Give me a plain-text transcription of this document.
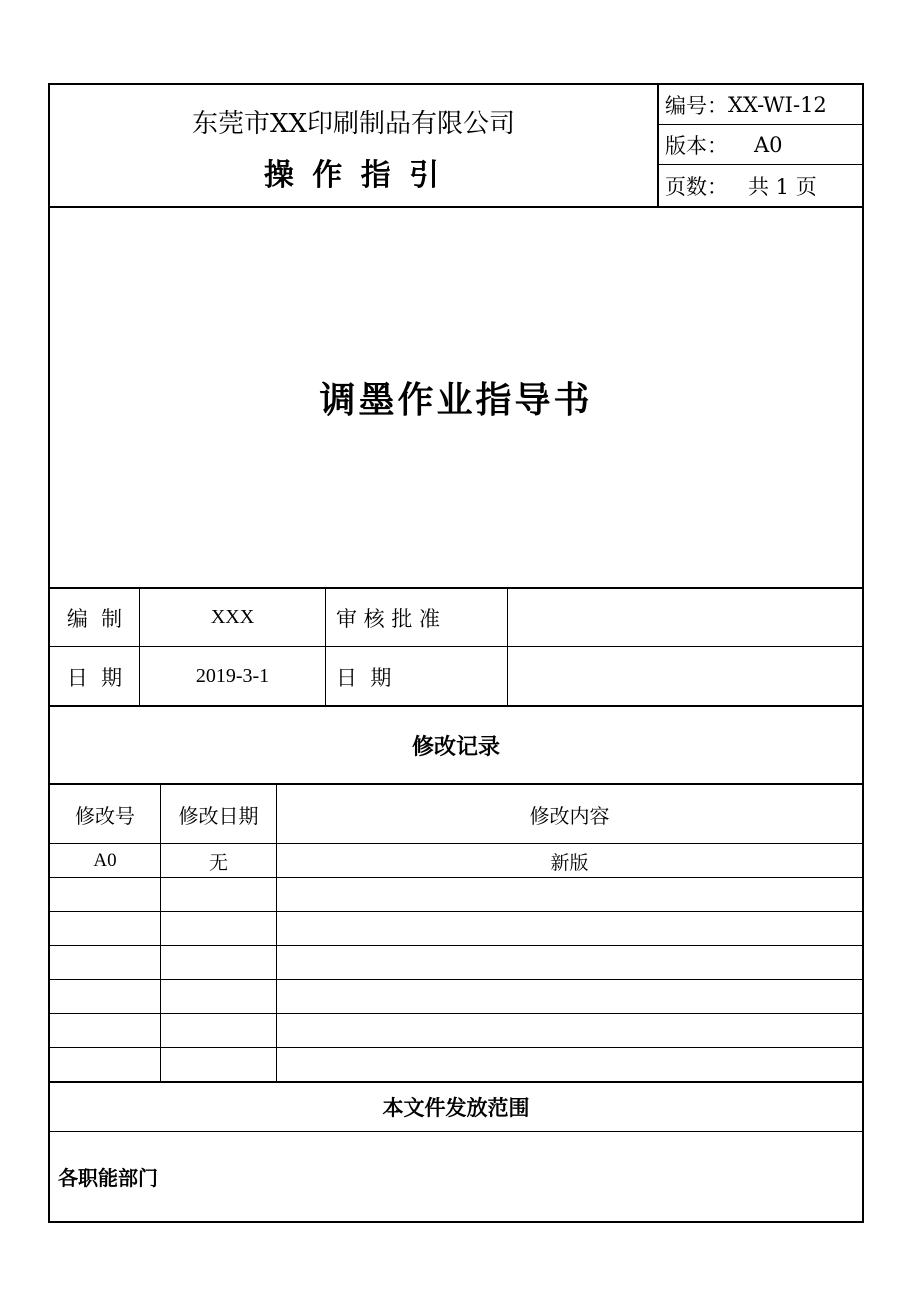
东莞市XX印刷制品有限公司
操 作 指 引
编号： XX-WI-12
版本： A0
页数： 共 1 页
调墨作业指导书
编  制	XXX	审 核 批 准
日  期	2019-3-1	日  期
修改记录
修改号	修改日期	修改内容
A0	无	新版
本文件发放范围
各职能部门
